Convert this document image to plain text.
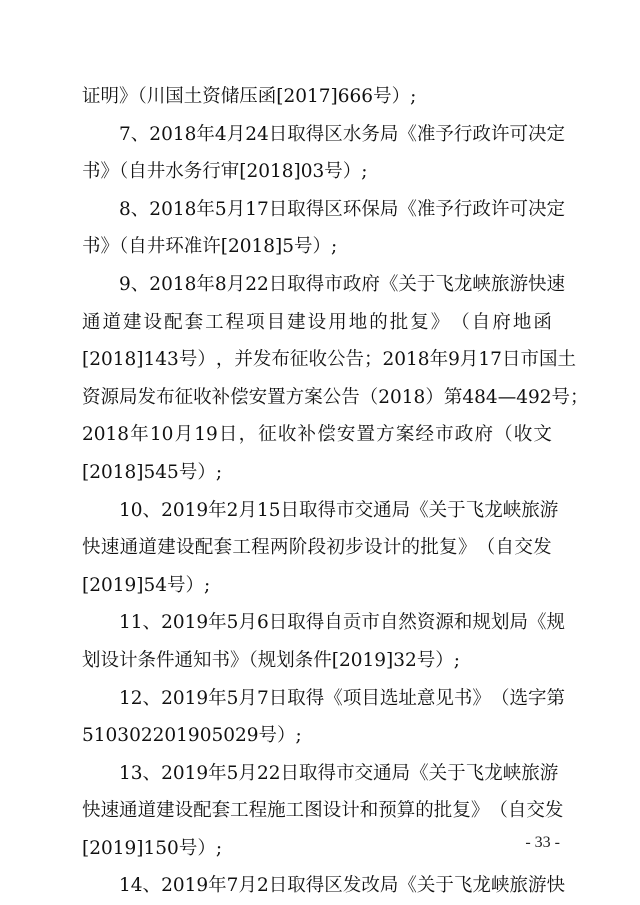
证明》（川国土资储压函[2017]666号）;
7 、 2018 年 4 月 24 日 取 得 区 水 务 局 《 准 予 行 政 许 可 决 定
书》（自井水务行审[2018]03号）;
8 、 2018 年 5 月 17 日 取 得 区 环 保 局 《 准 予 行 政 许 可 决 定
书》（自井环准许[2018]5号）;
9 、 2018 年 8 月 22 日 取 得 市 政 府 《 关 于 飞 龙 峡 旅 游 快 速
通 道 建 设 配 套 工 程 项 目 建 设 用 地 的 批 复 》 （ 自 府 地 函
[2018]143 号 ） ， 并 发 布 征 收 公 告 ； 2018 年 9 月 17 日 市 国 土
资 源 局 发 布 征 收 补 偿 安 置 方 案 公 告 （ 2018 ） 第 484 — 492 号 ；
2018 年 10 月 19 日 ， 征 收 补 偿 安 置 方 案 经 市 政 府 （ 收 文
[2018]545号）;
10 、 2019 年 2 月 15 日 取 得 市 交 通 局 《 关 于 飞 龙 峡 旅 游
快 速 通 道 建 设 配 套 工 程 两 阶 段 初 步 设 计 的 批 复 》 （ 自 交 发
[2019]54号）;
11 、 2019 年 5 月 6 日 取 得 自 贡 市 自 然 资 源 和 规 划 局 《 规
划设计条件通知书》（规划条件[2019]32号）;
12 、 2019 年 5 月 7 日 取 得 《 项 目 选 址 意 见 书 》 （ 选 字 第
510302201905029号）;
13 、 2019 年 5 月 22 日 取 得 市 交 通 局 《 关 于 飞 龙 峡 旅 游
快 速 通 道 建 设 配 套 工 程 施 工 图 设 计 和 预 算 的 批 复 》 （ 自 交 发
[2019]150号）;
14 、 2019 年 7 月 2 日 取 得 区 发 改 局 《 关 于 飞 龙 峡 旅 游 快
- 33 -
